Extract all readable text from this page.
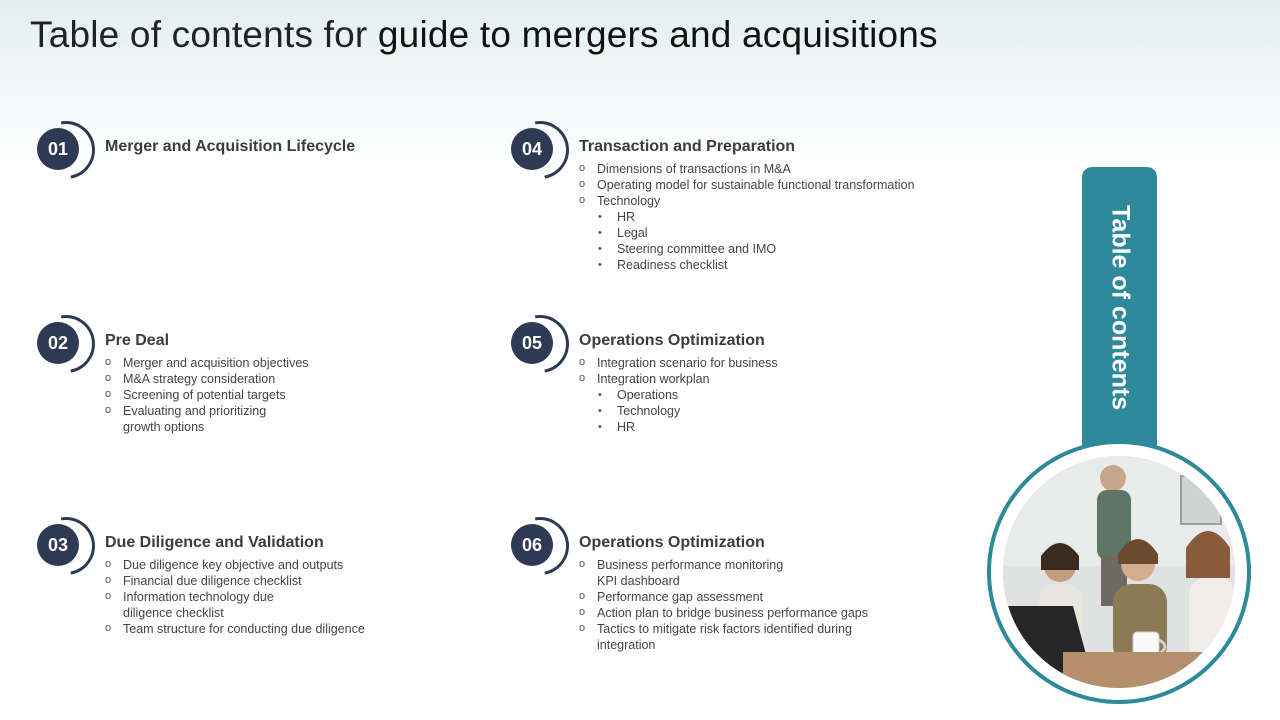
Table of contents for guide to mergers and acquisitions
01	Merger and Acquisition Lifecycle
02	Pre Deal
o Merger and acquisition objectives
o M&A strategy consideration
o Screening of potential targets
o Evaluating and prioritizing
growth options
03	Due Diligence and Validation
o Due diligence key objective and outputs
o Financial due diligence checklist
o Information technology due
diligence checklist
o Team structure for conducting due diligence
04	Transaction and Preparation
o Dimensions of transactions in M&A
o Operating model for sustainable functional transformation
o Technology
• HR
• Legal
• Steering committee and IMO
• Readiness checklist
05	Operations Optimization
o Integration scenario for business
o Integration workplan
• Operations
• Technology
• HR
06	Operations Optimization
o Business performance monitoring
KPI dashboard
o Performance gap assessment
o Action plan to bridge business performance gaps
o Tactics to mitigate risk factors identified during
integration
Table of contents
